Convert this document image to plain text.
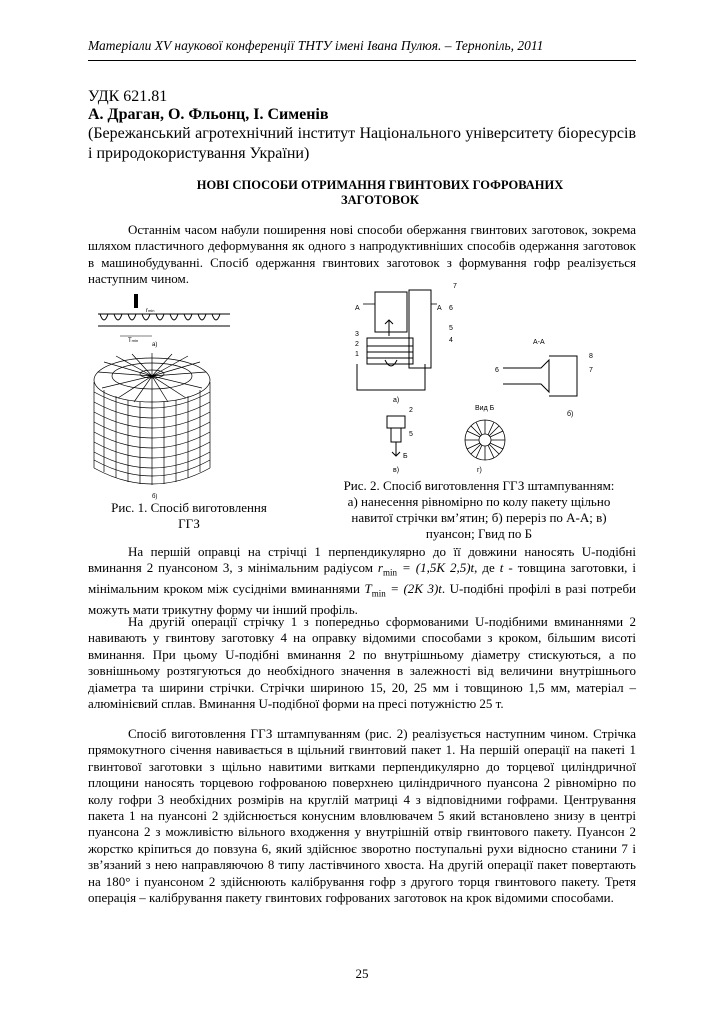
Матеріали XV наукової конференції ТНТУ імені Івана Пулюя. – Тернопіль, 2011
УДК 621.81
А. Драган, О. Фльонц, І. Сименів
(Бережанський агротехнічний інститут Національного університету біоресурсів і природокористування України)
НОВІ СПОСОБИ ОТРИМАННЯ ГВИНТОВИХ ГОФРОВАНИХ
ЗАГОТОВОК
Останнім часом набули поширення нові способи обержання гвинтових заготовок, зокрема шляхом пластичного деформування як одного з напродуктивніших способів одержання заготовок в машинобудуванні. Спосіб одержання гвинтових заготовок з формування гофр реалізується наступним чином.
rmin
Tmin
а)
б)
Рис. 1. Спосіб виготовлення
ГГЗ
А	А
7
6
5
4
3
2
1
а)
А-А
6
8
7
б)
2
5
Б
в)
Вид Б
г)
Рис. 2. Спосіб виготовлення ГГЗ штампуванням:
а) нанесення рівномірно по колу пакету щільно
навитої стрічки вм’ятин; б) переріз по А-А; в)
пуансон; Гвид по Б
На першій оправці на стрічці 1 перпендикулярно до її довжини наносять U-подібні вминання 2 пуансоном 3, з мінімальним радіусом $r_{min} = (1,5K$ 2,5)t, де t - товщина заготовки, і мінімальним кроком між сусідніми вминаннями $T_{min} = (2K$ 3)t. U-подібні профілі в разі потреби можуть мати трикутну форму чи інший профіль.
На другій операції стрічку 1 з попередньо сформованими U-подібними вминаннями 2 навивають у гвинтову заготовку 4 на оправку відомими способами з кроком, більшим висоті вминання. При цьому U-подібні вминання 2 по внутрішньому діаметру стискуються, а по зовнішньому розтягуються до необхідного значення в залежності від величини внутрішнього діаметра та ширини стрічки. Стрічки шириною 15, 20, 25 мм і товщиною 1,5 мм, матеріал – алюмінієвий сплав. Вминання U-подібної форми на пресі потужністю 25 т.
Спосіб виготовлення ГГЗ штампуванням (рис. 2) реалізується наступним чином. Стрічка прямокутного січення навивається в щільний гвинтовий пакет 1. На першій операції на пакеті 1 гвинтової заготовки з щільно навитими витками перпендикулярно до торцевої циліндричної площини наносять торцевою гофрованою поверхнею циліндричного пуансона 2 рівномірно по колу гофри 3 необхідних розмірів на круглій матриці 4 з відповідними гофрами. Центрування пакета 1 на пуансоні 2 здійснюється конусним вловлювачем 5 який встановлено знизу в центрі пуансона 2 з можливістю вільного входження у внутрішній отвір гвинтового пакету. Пуансон 2 жорстко кріпиться до повзуна 6, який здійснює зворотно поступальні рухи відносно станини 7 і зв’язаний з нею направляючою 8 типу ластівчиного хвоста. На другій операції пакет повертають на 180° і пуансоном 2 здійснюють калібрування гофр з другого торця гвинтового пакету. Третя операція – калібрування пакету гвинтових гофрованих заготовок на крок відомими способами.
25
